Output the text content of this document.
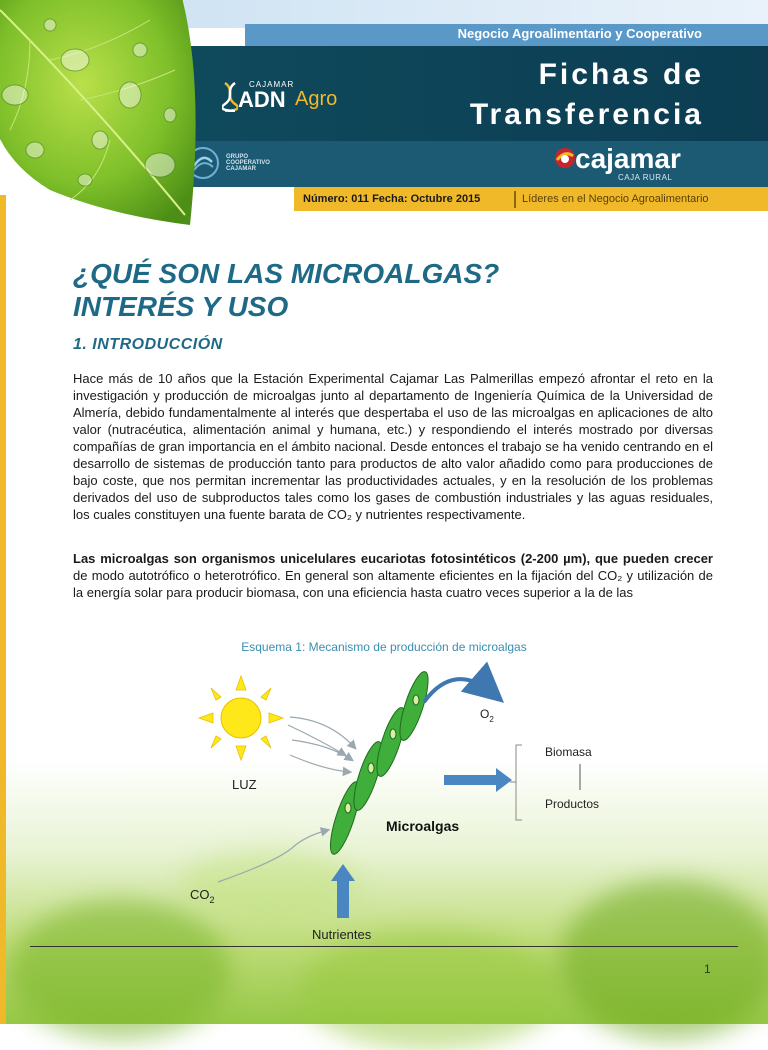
Negocio Agroalimentario y Cooperativo
Fichas de
Transferencia
CAJAMAR
ADN Agro
GRUPO
COOPERATIVO
CAJAMAR	cajamar
CAJA RURAL
Número: 011 Fecha: Octubre 2015	Líderes en el Negocio Agroalimentario
¿QUÉ SON LAS MICROALGAS?
INTERÉS Y USO
1. INTRODUCCIÓN
Hace más de 10 años que la Estación Experimental Cajamar Las Palmerillas empezó afrontar el reto en la investigación y producción de microalgas junto al departamento de Ingeniería Química de la Universidad de Almería, debido fundamentalmente al interés que despertaba el uso de las microalgas en aplicaciones de alto valor (nutracéutica, alimentación animal y humana, etc.) y respondiendo el interés mostrado por diversas compañías de gran importancia en el ámbito nacional. Desde entonces el trabajo se ha venido centrando en el desarrollo de sistemas de producción tanto para productos de alto valor añadido como para producciones de bajo coste, que nos permitan incrementar las productividades actuales, y en la resolución de los problemas derivados del uso de subproductos tales como los gases de combustión industriales y las aguas residuales, los cuales constituyen una fuente barata de CO₂ y nutrientes respectivamente.
Las microalgas son organismos unicelulares eucariotas fotosintéticos (2-200 µm), que pueden crecer de modo autotrófico o heterotrófico. En general son altamente eficientes en la fijación del CO₂ y utilización de la energía solar para producir biomasa, con una eficiencia hasta cuatro veces superior a la de las
Esquema 1: Mecanismo de producción de microalgas
LUZ
Microalgas
$O_2$
Biomasa
Productos
$CO_2$
Nutrientes
1
